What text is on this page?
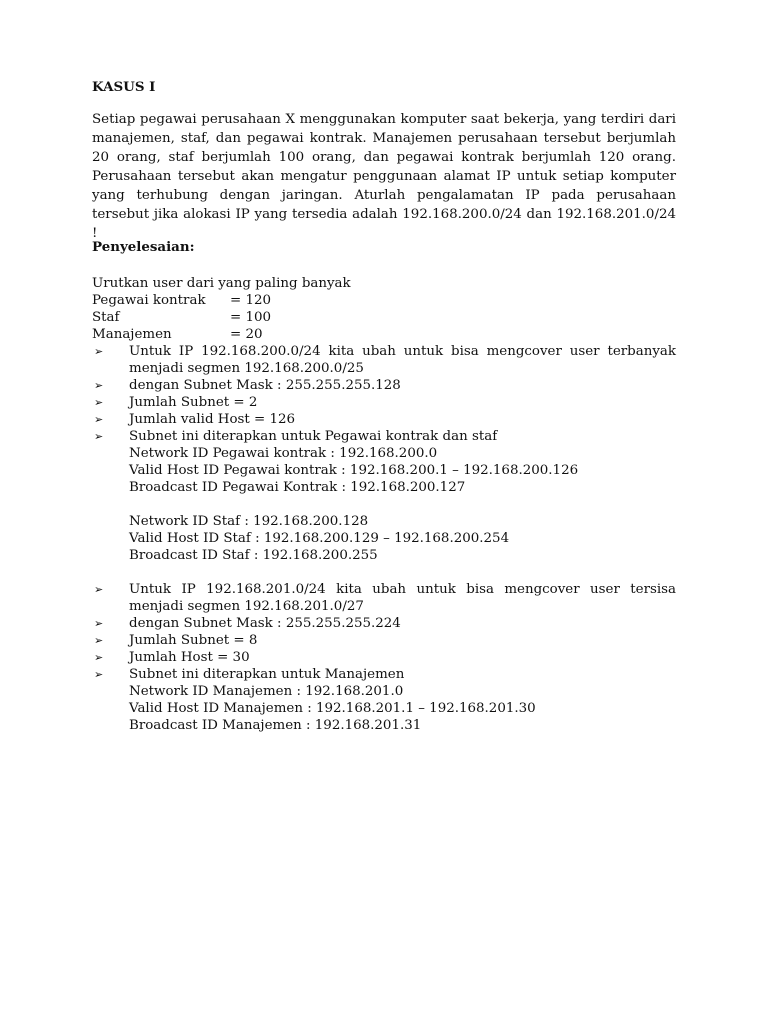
KASUS I

Setiap pegawai perusahaan X menggunakan komputer saat bekerja, yang terdiri dari manajemen, staf, dan pegawai kontrak. Manajemen perusahaan tersebut berjumlah 20 orang, staf berjumlah 100 orang, dan pegawai kontrak berjumlah 120 orang. Perusahaan tersebut akan mengatur penggunaan alamat IP untuk setiap komputer yang terhubung dengan jaringan. Aturlah pengalamatan IP pada perusahaan tersebut jika alokasi IP yang tersedia adalah 192.168.200.0/24 dan 192.168.201.0/24 !

Penyelesaian:

Urutkan user dari yang paling banyak
Pegawai kontrak	= 120
Staf	= 100
Manajemen	= 20
➢ Untuk IP 192.168.200.0/24 kita ubah untuk bisa mengcover user terbanyak menjadi segmen 192.168.200.0/25
➢ dengan Subnet Mask : 255.255.255.128
➢ Jumlah Subnet = 2
➢ Jumlah valid Host = 126
➢ Subnet ini diterapkan untuk Pegawai kontrak dan staf
Network ID Pegawai kontrak : 192.168.200.0
Valid Host ID Pegawai kontrak : 192.168.200.1 – 192.168.200.126
Broadcast ID Pegawai Kontrak : 192.168.200.127
Network ID Staf : 192.168.200.128
Valid Host ID Staf : 192.168.200.129 – 192.168.200.254
Broadcast ID Staf : 192.168.200.255
➢ Untuk IP 192.168.201.0/24 kita ubah untuk bisa mengcover user tersisa menjadi segmen 192.168.201.0/27
➢ dengan Subnet Mask : 255.255.255.224
➢ Jumlah Subnet = 8
➢ Jumlah Host = 30
➢ Subnet ini diterapkan untuk Manajemen
Network ID Manajemen : 192.168.201.0
Valid Host ID Manajemen : 192.168.201.1 – 192.168.201.30
Broadcast ID Manajemen : 192.168.201.31
